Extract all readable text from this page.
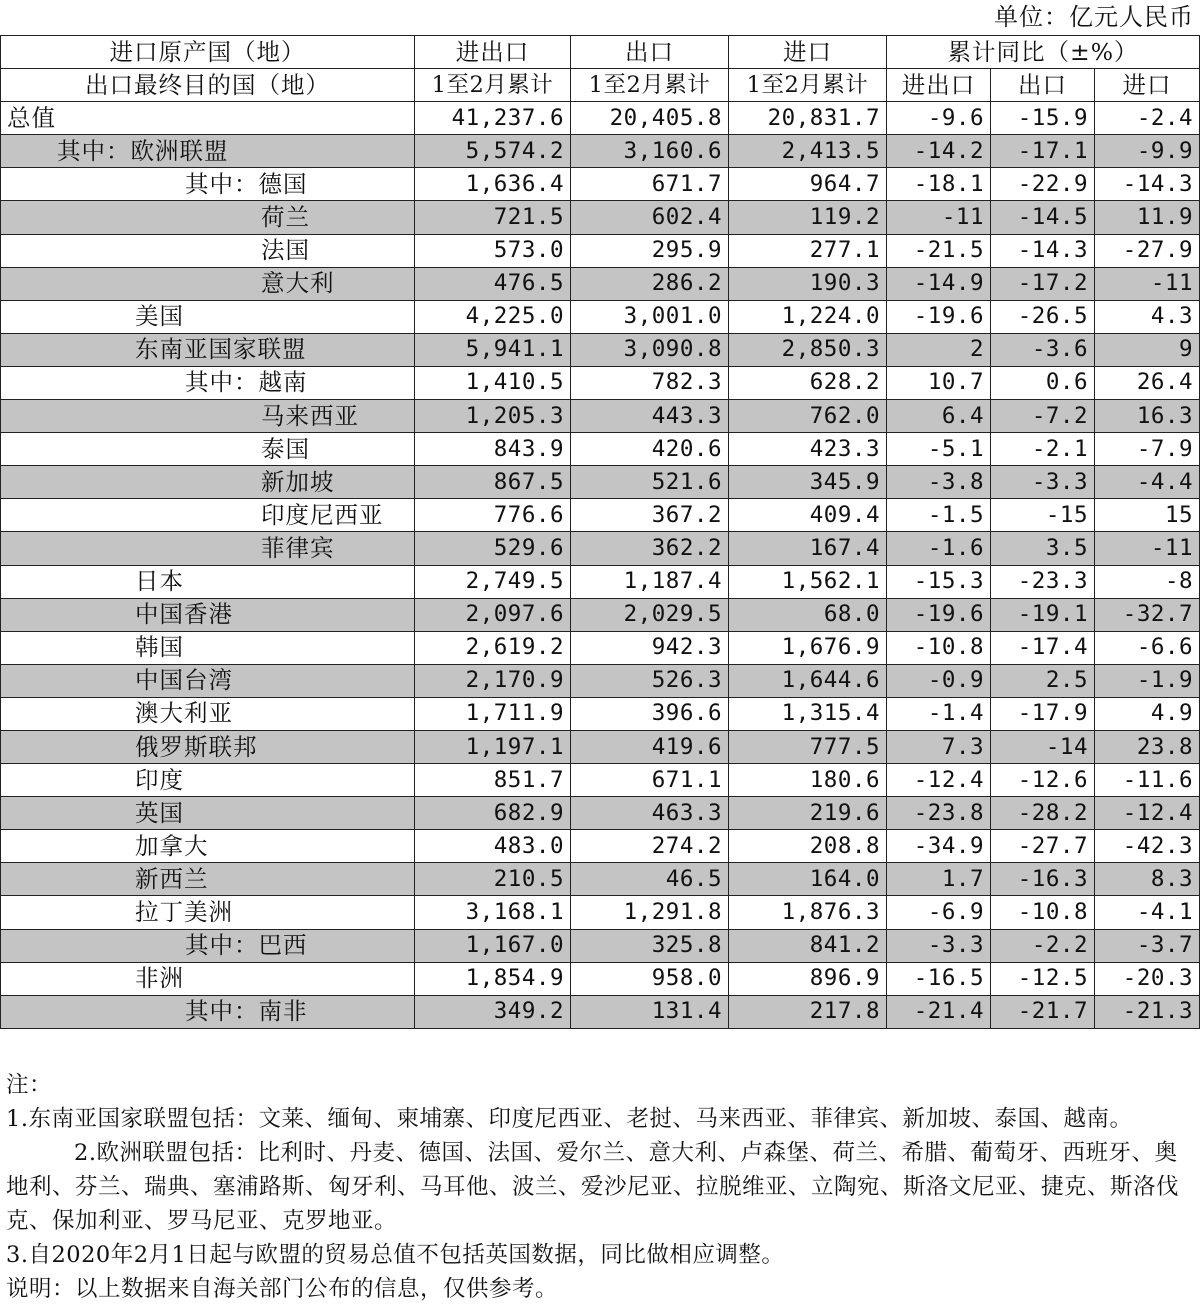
单位：亿元人民币
进口原产国（地）	进出口	出口	进口	累计同比（±%）		
出口最终目的国（地）	1至2月累计	1至2月累计	1至2月累计	进出口	出口	进口
总值	41,237.6	20,405.8	20,831.7	-9.6	-15.9	-2.4
其中：欧洲联盟	5,574.2	3,160.6	2,413.5	-14.2	-17.1	-9.9
其中：德国	1,636.4	671.7	964.7	-18.1	-22.9	-14.3
荷兰	721.5	602.4	119.2	-11	-14.5	11.9
法国	573.0	295.9	277.1	-21.5	-14.3	-27.9
意大利	476.5	286.2	190.3	-14.9	-17.2	-11
美国	4,225.0	3,001.0	1,224.0	-19.6	-26.5	4.3
东南亚国家联盟	5,941.1	3,090.8	2,850.3	2	-3.6	9
其中：越南	1,410.5	782.3	628.2	10.7	0.6	26.4
马来西亚	1,205.3	443.3	762.0	6.4	-7.2	16.3
泰国	843.9	420.6	423.3	-5.1	-2.1	-7.9
新加坡	867.5	521.6	345.9	-3.8	-3.3	-4.4
印度尼西亚	776.6	367.2	409.4	-1.5	-15	15
菲律宾	529.6	362.2	167.4	-1.6	3.5	-11
日本	2,749.5	1,187.4	1,562.1	-15.3	-23.3	-8
中国香港	2,097.6	2,029.5	68.0	-19.6	-19.1	-32.7
韩国	2,619.2	942.3	1,676.9	-10.8	-17.4	-6.6
中国台湾	2,170.9	526.3	1,644.6	-0.9	2.5	-1.9
澳大利亚	1,711.9	396.6	1,315.4	-1.4	-17.9	4.9
俄罗斯联邦	1,197.1	419.6	777.5	7.3	-14	23.8
印度	851.7	671.1	180.6	-12.4	-12.6	-11.6
英国	682.9	463.3	219.6	-23.8	-28.2	-12.4
加拿大	483.0	274.2	208.8	-34.9	-27.7	-42.3
新西兰	210.5	46.5	164.0	1.7	-16.3	8.3
拉丁美洲	3,168.1	1,291.8	1,876.3	-6.9	-10.8	-4.1
其中：巴西	1,167.0	325.8	841.2	-3.3	-2.2	-3.7
非洲	1,854.9	958.0	896.9	-16.5	-12.5	-20.3
其中：南非	349.2	131.4	217.8	-21.4	-21.7	-21.3

注：

1.东南亚国家联盟包括：文莱、缅甸、柬埔寨、印度尼西亚、老挝、马来西亚、菲律宾、新加坡、泰国、越南。2.欧洲联盟包括：比利时、丹麦、德国、法国、爱尔兰、意大利、卢森堡、荷兰、希腊、葡萄牙、西班牙、奥地利、芬兰、瑞典、塞浦路斯、匈牙利、马耳他、波兰、爱沙尼亚、拉脱维亚、立陶宛、斯洛文尼亚、捷克、斯洛伐克、保加利亚、罗马尼亚、克罗地亚。

3.自2020年2月1日起与欧盟的贸易总值不包括英国数据，同比做相应调整。

说明：以上数据来自海关部门公布的信息，仅供参考。
